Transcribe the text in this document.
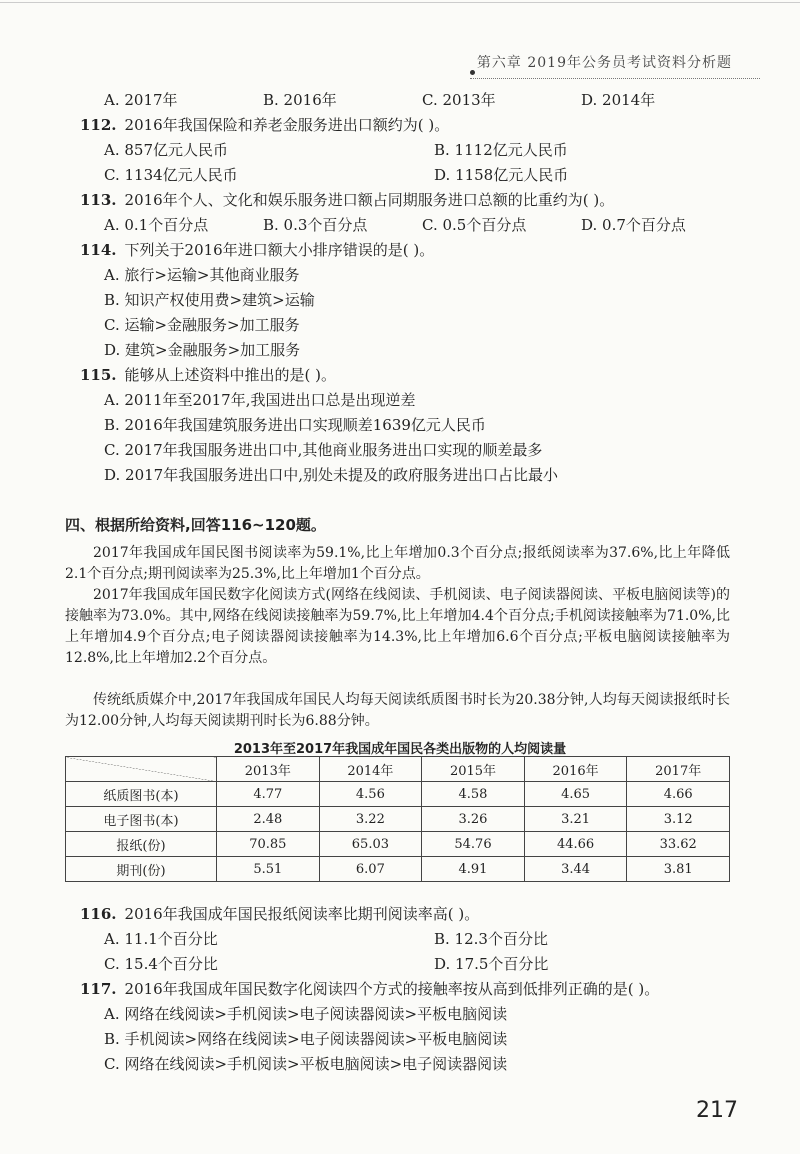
第六章 2019年公务员考试资料分析题
A. 2017年	B. 2016年	C. 2013年	D. 2014年
112. 2016年我国保险和养老金服务进出口额约为( )。
A. 857亿元人民币	B. 1112亿元人民币
C. 1134亿元人民币	D. 1158亿元人民币
113. 2016年个人、文化和娱乐服务进口额占同期服务进口总额的比重约为( )。
A. 0.1个百分点	B. 0.3个百分点	C. 0.5个百分点	D. 0.7个百分点
114. 下列关于2016年进口额大小排序错误的是( )。
A. 旅行>运输>其他商业服务
B. 知识产权使用费>建筑>运输
C. 运输>金融服务>加工服务
D. 建筑>金融服务>加工服务
115. 能够从上述资料中推出的是( )。
A. 2011年至2017年,我国进出口总是出现逆差
B. 2016年我国建筑服务进出口实现顺差1639亿元人民币
C. 2017年我国服务进出口中,其他商业服务进出口实现的顺差最多
D. 2017年我国服务进出口中,别处未提及的政府服务进出口占比最小
四、根据所给资料,回答116~120题。
2017年我国成年国民图书阅读率为59.1%,比上年增加0.3个百分点;报纸阅读率为37.6%,比上年降低2.1个百分点;期刊阅读率为25.3%,比上年增加1个百分点。
2017年我国成年国民数字化阅读方式(网络在线阅读、手机阅读、电子阅读器阅读、平板电脑阅读等)的接触率为73.0%。其中,网络在线阅读接触率为59.7%,比上年增加4.4个百分点;手机阅读接触率为71.0%,比上年增加4.9个百分点;电子阅读器阅读接触率为14.3%,比上年增加6.6个百分点;平板电脑阅读接触率为12.8%,比上年增加2.2个百分点。
传统纸质媒介中,2017年我国成年国民人均每天阅读纸质图书时长为20.38分钟,人均每天阅读报纸时长为12.00分钟,人均每天阅读期刊时长为6.88分钟。
2013年至2017年我国成年国民各类出版物的人均阅读量
	2013年	2014年	2015年	2016年	2017年
纸质图书(本)	4.77	4.56	4.58	4.65	4.66
电子图书(本)	2.48	3.22	3.26	3.21	3.12
报纸(份)	70.85	65.03	54.76	44.66	33.62
期刊(份)	5.51	6.07	4.91	3.44	3.81
116. 2016年我国成年国民报纸阅读率比期刊阅读率高( )。
A. 11.1个百分比	B. 12.3个百分比
C. 15.4个百分比	D. 17.5个百分比
117. 2016年我国成年国民数字化阅读四个方式的接触率按从高到低排列正确的是( )。
A. 网络在线阅读>手机阅读>电子阅读器阅读>平板电脑阅读
B. 手机阅读>网络在线阅读>电子阅读器阅读>平板电脑阅读
C. 网络在线阅读>手机阅读>平板电脑阅读>电子阅读器阅读
217
